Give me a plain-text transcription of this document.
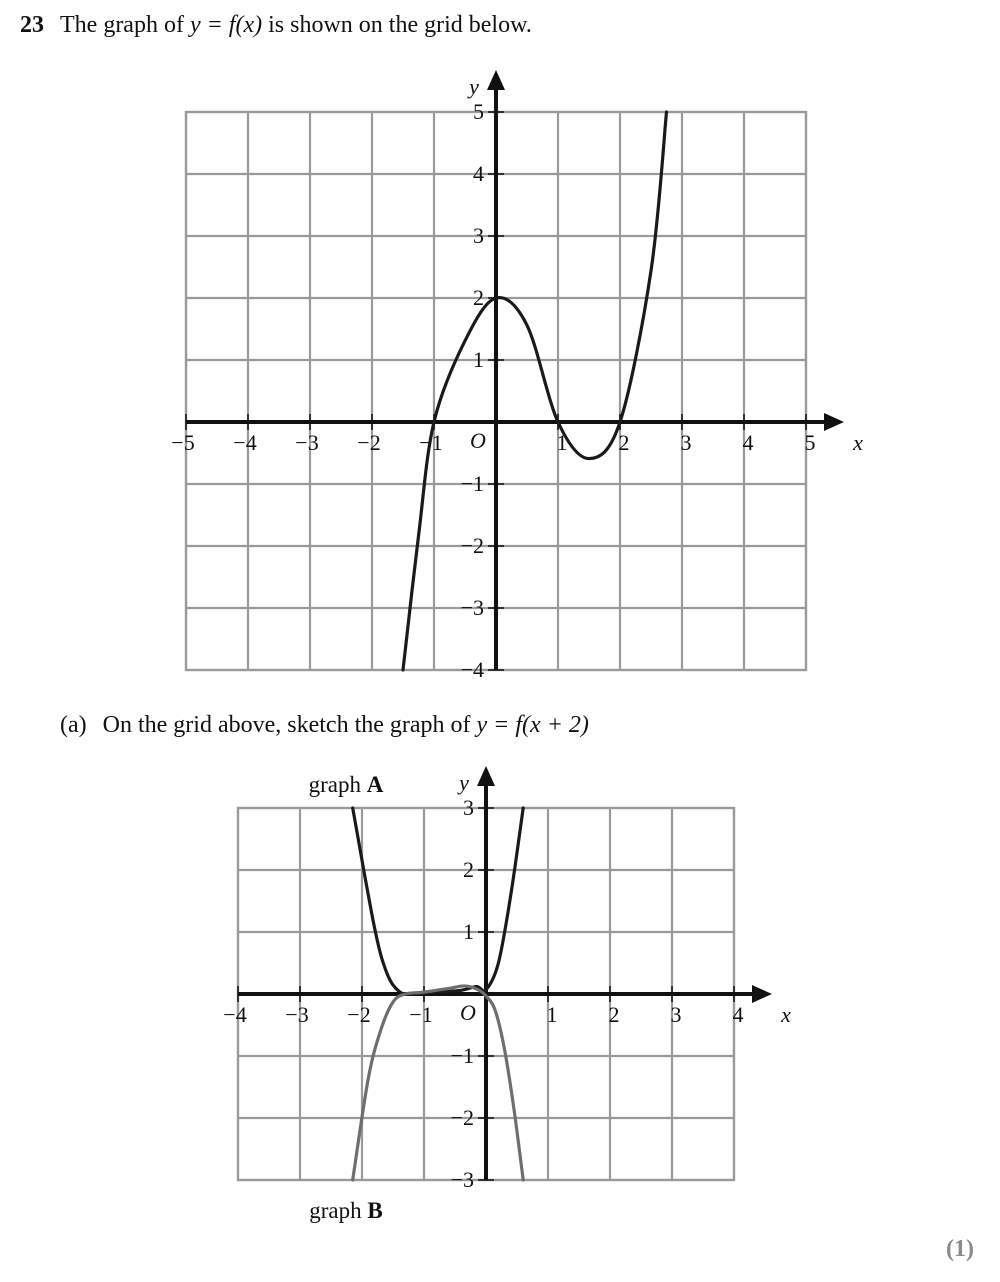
23 The graph of y = f(x) is shown on the grid below.
−5 −4 −3 −2 −1	1 2 3 4 5
−4
−3
−2
−1
1
2
3
4
5
O	x
y
(a) On the grid above, sketch the graph of y = f(x + 2)
−4 −3 −2 −1	1 2 3 4
−3
−2
−1
1
2
3
O	x
y
graph A
graph B
(1)
